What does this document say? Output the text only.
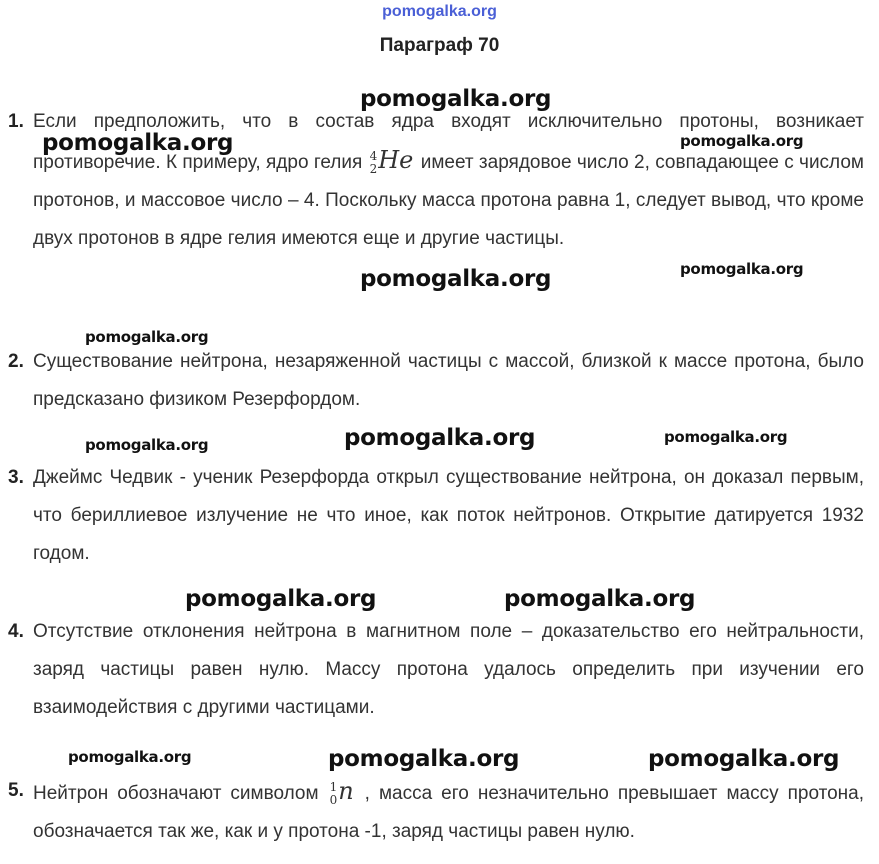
pomogalka.org
Параграф 70
1. Если предположить, что в состав ядра входят исключительно протоны, возникает противоречие. К примеру, ядро гелия 4
2 He имеет зарядовое число 2, совпадающее с числом протонов, и массовое число – 4. Поскольку масса протона равна 1, следует вывод, что кроме двух протонов в ядре гелия имеются еще и другие частицы.
2. Существование нейтрона, незаряженной частицы с массой, близкой к массе протона, было предсказано физиком Резерфордом.
3. Джеймс Чедвик - ученик Резерфорда открыл существование нейтрона, он доказал первым, что бериллиевое излучение не что иное, как поток нейтронов. Открытие датируется 1932 годом.
4. Отсутствие отклонения нейтрона в магнитном поле – доказательство его нейтральности, заряд частицы равен нулю. Массу протона удалось определить при изучении его взаимодействия с другими частицами.
5. Нейтрон обозначают символом 1
0 n , масса его незначительно превышает массу протона, обозначается так же, как и у протона -1, заряд частицы равен нулю.
pomogalka.org
pomogalka.org	pomogalka.org
pomogalka.org	pomogalka.org
pomogalka.org
pomogalka.org	pomogalka.org	pomogalka.org
pomogalka.org	pomogalka.org
pomogalka.org	pomogalka.org	pomogalka.org
